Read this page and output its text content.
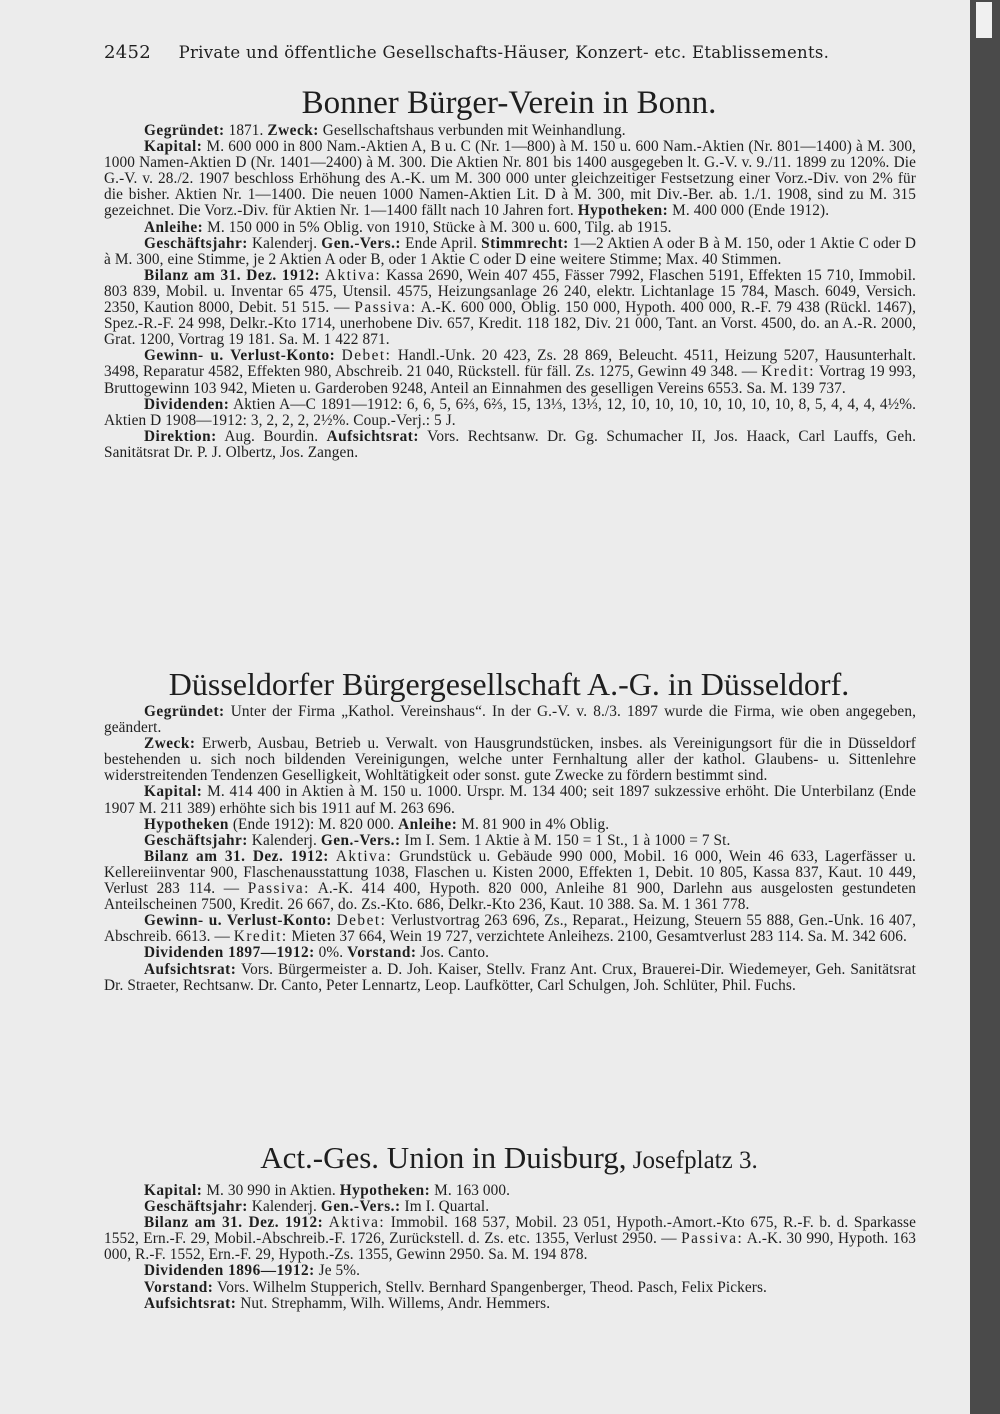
2452 Private und öffentliche Gesellschafts-Häuser, Konzert- etc. Etablissements.
Bonner Bürger-Verein in Bonn.

Gegründet: 1871. Zweck: Gesellschaftshaus verbunden mit Weinhandlung.

Kapital: M. 600 000 in 800 Nam.-Aktien A, B u. C (Nr. 1—800) à M. 150 u. 600 Nam.-Aktien (Nr. 801—1400) à M. 300, 1000 Namen-Aktien D (Nr. 1401—2400) à M. 300. Die Aktien Nr. 801 bis 1400 ausgegeben lt. G.-V. v. 9./11. 1899 zu 120%. Die G.-V. v. 28./2. 1907 beschloss Erhöhung des A.-K. um M. 300 000 unter gleichzeitiger Festsetzung einer Vorz.-Div. von 2% für die bisher. Aktien Nr. 1—1400. Die neuen 1000 Namen-Aktien Lit. D à M. 300, mit Div.-Ber. ab. 1./1. 1908, sind zu M. 315 gezeichnet. Die Vorz.-Div. für Aktien Nr. 1—1400 fällt nach 10 Jahren fort. Hypotheken: M. 400 000 (Ende 1912).

Anleihe: M. 150 000 in 5% Oblig. von 1910, Stücke à M. 300 u. 600, Tilg. ab 1915.

Geschäftsjahr: Kalenderj. Gen.-Vers.: Ende April. Stimmrecht: 1—2 Aktien A oder B à M. 150, oder 1 Aktie C oder D à M. 300, eine Stimme, je 2 Aktien A oder B, oder 1 Aktie C oder D eine weitere Stimme; Max. 40 Stimmen.

Bilanz am 31. Dez. 1912: Aktiva: Kassa 2690, Wein 407 455, Fässer 7992, Flaschen 5191, Effekten 15 710, Immobil. 803 839, Mobil. u. Inventar 65 475, Utensil. 4575, Heizungsanlage 26 240, elektr. Lichtanlage 15 784, Masch. 6049, Versich. 2350, Kaution 8000, Debit. 51 515. — Passiva: A.-K. 600 000, Oblig. 150 000, Hypoth. 400 000, R.-F. 79 438 (Rückl. 1467), Spez.-R.-F. 24 998, Delkr.-Kto 1714, unerhobene Div. 657, Kredit. 118 182, Div. 21 000, Tant. an Vorst. 4500, do. an A.-R. 2000, Grat. 1200, Vortrag 19 181. Sa. M. 1 422 871.

Gewinn- u. Verlust-Konto: Debet: Handl.-Unk. 20 423, Zs. 28 869, Beleucht. 4511, Heizung 5207, Hausunterhalt. 3498, Reparatur 4582, Effekten 980, Abschreib. 21 040, Rückstell. für fäll. Zs. 1275, Gewinn 49 348. — Kredit: Vortrag 19 993, Bruttogewinn 103 942, Mieten u. Garderoben 9248, Anteil an Einnahmen des geselligen Vereins 6553. Sa. M. 139 737.

Dividenden: Aktien A—C 1891—1912: 6, 6, 5, 6⅔, 6⅔, 15, 13⅓, 13⅓, 12, 10, 10, 10, 10, 10, 10, 10, 8, 5, 4, 4, 4, 4½%. Aktien D 1908—1912: 3, 2, 2, 2, 2½%. Coup.-Verj.: 5 J.

Direktion: Aug. Bourdin. Aufsichtsrat: Vors. Rechtsanw. Dr. Gg. Schumacher II, Jos. Haack, Carl Lauffs, Geh. Sanitätsrat Dr. P. J. Olbertz, Jos. Zangen.

Düsseldorfer Bürgergesellschaft A.-G. in Düsseldorf.

Gegründet: Unter der Firma „Kathol. Vereinshaus“. In der G.-V. v. 8./3. 1897 wurde die Firma, wie oben angegeben, geändert.

Zweck: Erwerb, Ausbau, Betrieb u. Verwalt. von Hausgrundstücken, insbes. als Vereinigungsort für die in Düsseldorf bestehenden u. sich noch bildenden Vereinigungen, welche unter Fernhaltung aller der kathol. Glaubens- u. Sittenlehre widerstreitenden Tendenzen Geselligkeit, Wohltätigkeit oder sonst. gute Zwecke zu fördern bestimmt sind.

Kapital: M. 414 400 in Aktien à M. 150 u. 1000. Urspr. M. 134 400; seit 1897 sukzessive erhöht. Die Unterbilanz (Ende 1907 M. 211 389) erhöhte sich bis 1911 auf M. 263 696.

Hypotheken (Ende 1912): M. 820 000. Anleihe: M. 81 900 in 4% Oblig.

Geschäftsjahr: Kalenderj. Gen.-Vers.: Im I. Sem. 1 Aktie à M. 150 = 1 St., 1 à 1000 = 7 St.

Bilanz am 31. Dez. 1912: Aktiva: Grundstück u. Gebäude 990 000, Mobil. 16 000, Wein 46 633, Lagerfässer u. Kellereiinventar 900, Flaschenausstattung 1038, Flaschen u. Kisten 2000, Effekten 1, Debit. 10 805, Kassa 837, Kaut. 10 449, Verlust 283 114. — Passiva: A.-K. 414 400, Hypoth. 820 000, Anleihe 81 900, Darlehn aus ausgelosten gestundeten Anteilscheinen 7500, Kredit. 26 667, do. Zs.-Kto. 686, Delkr.-Kto 236, Kaut. 10 388. Sa. M. 1 361 778.

Gewinn- u. Verlust-Konto: Debet: Verlustvortrag 263 696, Zs., Reparat., Heizung, Steuern 55 888, Gen.-Unk. 16 407, Abschreib. 6613. — Kredit: Mieten 37 664, Wein 19 727, verzichtete Anleihezs. 2100, Gesamtverlust 283 114. Sa. M. 342 606.

Dividenden 1897—1912: 0%. Vorstand: Jos. Canto.

Aufsichtsrat: Vors. Bürgermeister a. D. Joh. Kaiser, Stellv. Franz Ant. Crux, Brauerei-Dir. Wiedemeyer, Geh. Sanitätsrat Dr. Straeter, Rechtsanw. Dr. Canto, Peter Lennartz, Leop. Laufkötter, Carl Schulgen, Joh. Schlüter, Phil. Fuchs.

Act.-Ges. Union in Duisburg, Josefplatz 3.

Kapital: M. 30 990 in Aktien. Hypotheken: M. 163 000.

Geschäftsjahr: Kalenderj. Gen.-Vers.: Im I. Quartal.

Bilanz am 31. Dez. 1912: Aktiva: Immobil. 168 537, Mobil. 23 051, Hypoth.-Amort.-Kto 675, R.-F. b. d. Sparkasse 1552, Ern.-F. 29, Mobil.-Abschreib.-F. 1726, Zurückstell. d. Zs. etc. 1355, Verlust 2950. — Passiva: A.-K. 30 990, Hypoth. 163 000, R.-F. 1552, Ern.-F. 29, Hypoth.-Zs. 1355, Gewinn 2950. Sa. M. 194 878.

Dividenden 1896—1912: Je 5%.

Vorstand: Vors. Wilhelm Stupperich, Stellv. Bernhard Spangenberger, Theod. Pasch, Felix Pickers.

Aufsichtsrat: Nut. Strephamm, Wilh. Willems, Andr. Hemmers.
